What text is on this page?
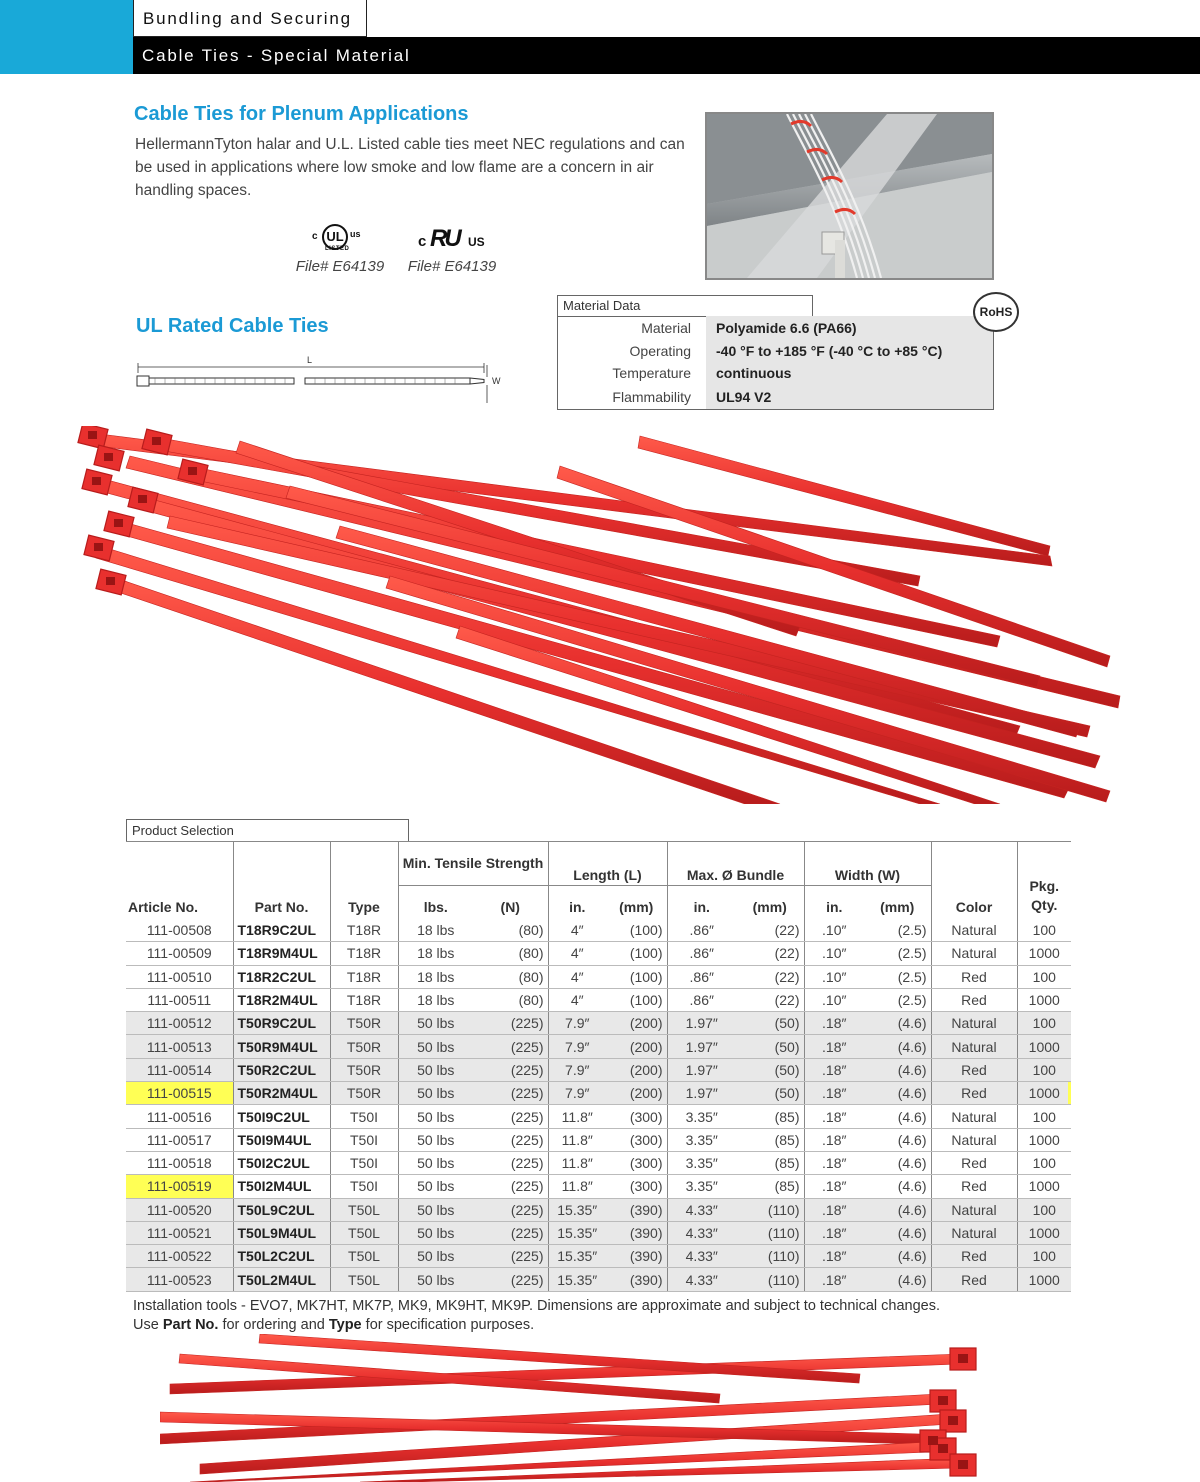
Bundling and Securing
Cable Ties - Special Material
Cable Ties for Plenum Applications
HellermannTyton halar and U.L. Listed cable ties meet NEC regulations and can be used in applications where low smoke and low flame are a concern in air handling spaces.
c UL us
LISTED
File# E64139
c RU US
File# E64139
UL Rated Cable Ties
L
W
Material Data
Material Polyamide 6.6 (PA66)
Operating -40 °F to +185 °F (-40 °C to +85 °C)
Temperature continuous
Flammability UL94 V2
RoHS
Product Selection
Article No.	Part No.	Type	Min. Tensile Strength		Length (L)		Max. Ø Bundle		Width (W)		Color	Pkg. Qty.
			lbs.	(N)	in.	(mm)	in.	(mm)	in.	(mm)		
111-00508	T18R9C2UL	T18R	18 lbs	(80)	4″	(100)	.86″	(22)	.10″	(2.5)	Natural	100
111-00509	T18R9M4UL	T18R	18 lbs	(80)	4″	(100)	.86″	(22)	.10″	(2.5)	Natural	1000
111-00510	T18R2C2UL	T18R	18 lbs	(80)	4″	(100)	.86″	(22)	.10″	(2.5)	Red	100
111-00511	T18R2M4UL	T18R	18 lbs	(80)	4″	(100)	.86″	(22)	.10″	(2.5)	Red	1000
111-00512	T50R9C2UL	T50R	50 lbs	(225)	7.9″	(200)	1.97″	(50)	.18″	(4.6)	Natural	100
111-00513	T50R9M4UL	T50R	50 lbs	(225)	7.9″	(200)	1.97″	(50)	.18″	(4.6)	Natural	1000
111-00514	T50R2C2UL	T50R	50 lbs	(225)	7.9″	(200)	1.97″	(50)	.18″	(4.6)	Red	100
111-00515	T50R2M4UL	T50R	50 lbs	(225)	7.9″	(200)	1.97″	(50)	.18″	(4.6)	Red	1000
111-00516	T50I9C2UL	T50I	50 lbs	(225)	11.8″	(300)	3.35″	(85)	.18″	(4.6)	Natural	100
111-00517	T50I9M4UL	T50I	50 lbs	(225)	11.8″	(300)	3.35″	(85)	.18″	(4.6)	Natural	1000
111-00518	T50I2C2UL	T50I	50 lbs	(225)	11.8″	(300)	3.35″	(85)	.18″	(4.6)	Red	100
111-00519	T50I2M4UL	T50I	50 lbs	(225)	11.8″	(300)	3.35″	(85)	.18″	(4.6)	Red	1000
111-00520	T50L9C2UL	T50L	50 lbs	(225)	15.35″	(390)	4.33″	(110)	.18″	(4.6)	Natural	100
111-00521	T50L9M4UL	T50L	50 lbs	(225)	15.35″	(390)	4.33″	(110)	.18″	(4.6)	Natural	1000
111-00522	T50L2C2UL	T50L	50 lbs	(225)	15.35″	(390)	4.33″	(110)	.18″	(4.6)	Red	100
111-00523	T50L2M4UL	T50L	50 lbs	(225)	15.35″	(390)	4.33″	(110)	.18″	(4.6)	Red	1000
Installation tools - EVO7, MK7HT, MK7P, MK9, MK9HT, MK9P. Dimensions are approximate and subject to technical changes.
Use Part No. for ordering and Type for specification purposes.
